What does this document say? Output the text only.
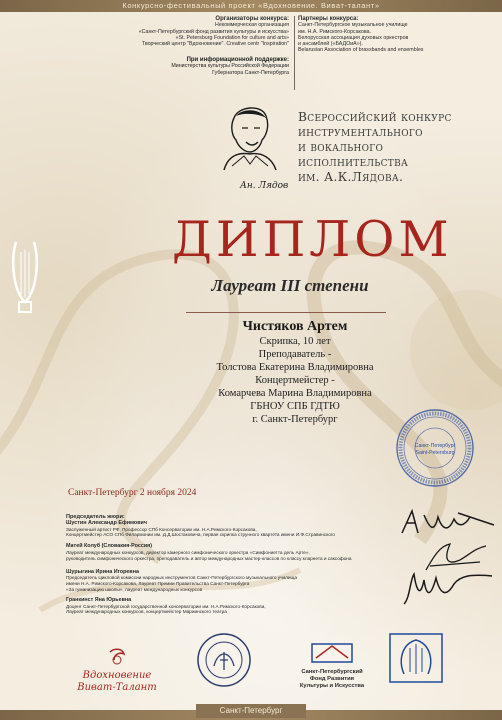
Конкурсно-фестивальный проект «Вдохновение. Виват-талант»
Организаторы конкурса:
Некоммерческая организация
«Санкт-Петербургский фонд развития культуры и искусства»
«St. Petersburg Foundation for culture and arts»
Творческий центр "Вдохновение". Creative centr "Inspiration"
При информационной поддержке:
Министерства культуры Российской Федерации
Губернатора Санкт-Петербурга
Партнеры конкурса:
Санкт-Петербургское музыкальное училище
им. Н.А. Римского-Корсакова.
Белорусская ассоциация духовых оркестров
и ансамблей («БАДОиА»).
Belarusian Association of brassbands and ensembles
Ан. Лядов
Всероссийский конкурс
инструментального
и вокального
исполнительства
им. А.К.Лядова.
ДИПЛОМ
Лауреат III степени
Чистяков Артем
Скрипка, 10 лет
Преподаватель -
Толстова Екатерина Владимировна
Концертмейстер -
Комарчева Марина Владимировна
ГБНОУ СПБ ГДТЮ
г. Санкт-Петербург
Санкт-Петербург
Saint-Petersburg
Санкт-Петербург 2 ноября 2024
Председатель жюри:
Шустин Александр Ефимович
Заслуженный артист РФ, Профессор СПб Консерватории им. Н.А.Римского-Корсакова,
Концертмейстер АСО СПб Филармонии им. Д.Д.Шостаковича, первая скрипка струнного квартета имени И.Ф.Стравинского
Матей Колуб (Словакия-Россия)
Лауреат международных конкурсов, директор камерного симфонического оркестра «Симфониетта дель Арте»,
руководитель симфонического оркестра, преподаватель и автор международных мастер-классов по классу кларнета и саксофона
Шурыгина Ирина Игоревна
Председатель Цикловой комиссии народных инструментов Санкт-Петербургского музыкального училища
имени Н.А. Римского-Корсакова, Лауреат Премии Правительства Санкт-Петербурга
«За гуманизацию школы», лауреат международных конкурсов
Гранкинст Яна Юрьевна
Доцент Санкт-Петербургской государственной консерватории им. Н.А.Римского-Корсакова,
Лауреат международных конкурсов, концертмейстер Мариинского театра
Вдохновение
Виват-Талант
Санкт-Петербургский
Фонд Развития
Культуры и Искусства
Санкт-Петербург
